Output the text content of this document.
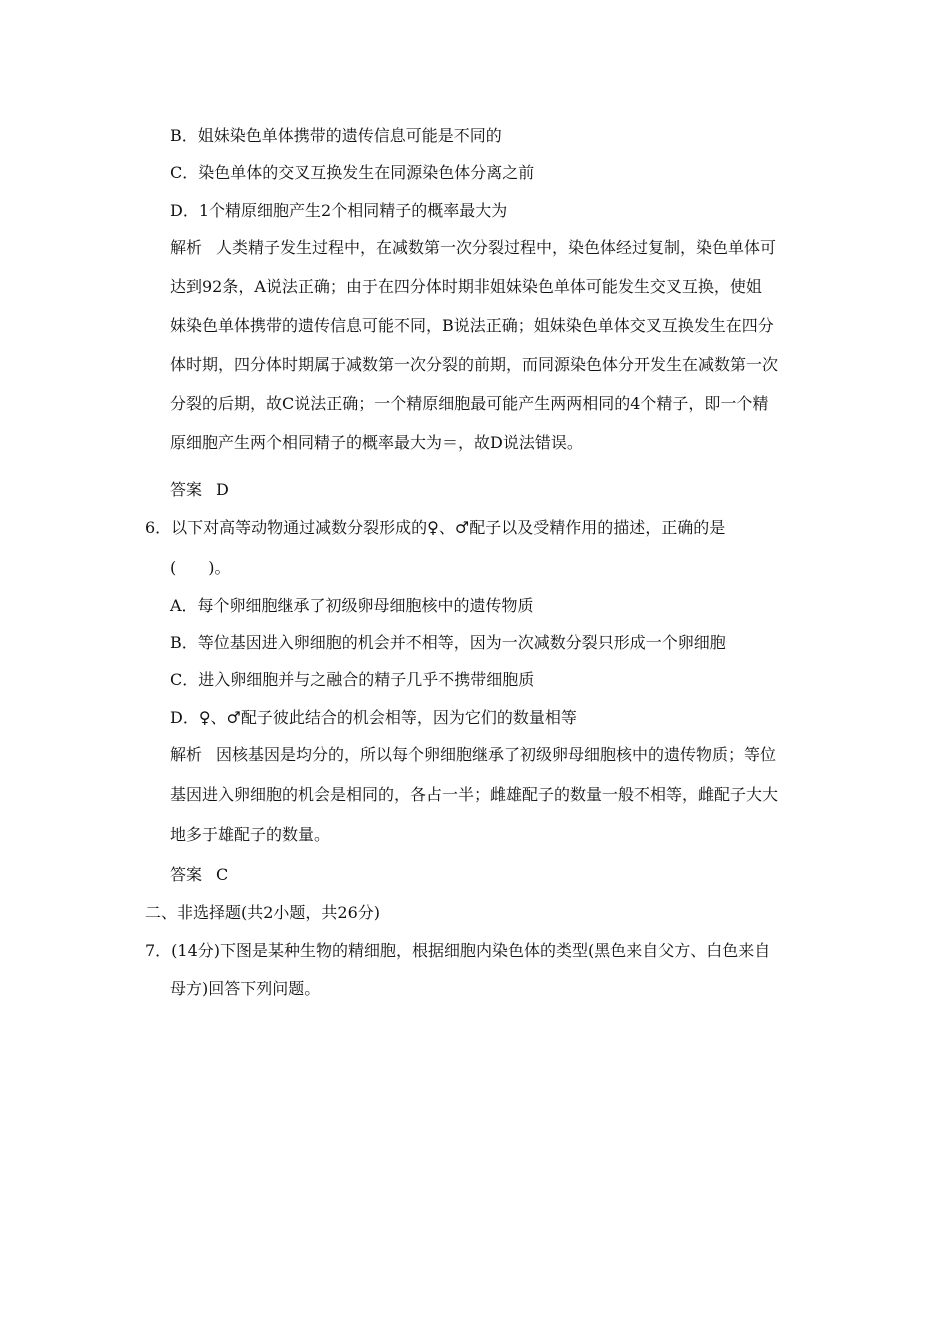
B．姐妹染色单体携带的遗传信息可能是不同的
C．染色单体的交叉互换发生在同源染色体分离之前
D．1个精原细胞产生2个相同精子的概率最大为
解析 人类精子发生过程中，在减数第一次分裂过程中，染色体经过复制，染色单体可
达到92条，A说法正确；由于在四分体时期非姐妹染色单体可能发生交叉互换，使姐
妹染色单体携带的遗传信息可能不同，B说法正确；姐妹染色单体交叉互换发生在四分
体时期，四分体时期属于减数第一次分裂的前期，而同源染色体分开发生在减数第一次
分裂的后期，故C说法正确；一个精原细胞最可能产生两两相同的4个精子，即一个精
原细胞产生两个相同精子的概率最大为＝，故D说法错误。
答案 D
6．以下对高等动物通过减数分裂形成的♀、♂配子以及受精作用的描述，正确的是
(　　)。
A．每个卵细胞继承了初级卵母细胞核中的遗传物质
B．等位基因进入卵细胞的机会并不相等，因为一次减数分裂只形成一个卵细胞
C．进入卵细胞并与之融合的精子几乎不携带细胞质
D．♀、♂配子彼此结合的机会相等，因为它们的数量相等
解析 因核基因是均分的，所以每个卵细胞继承了初级卵母细胞核中的遗传物质；等位
基因进入卵细胞的机会是相同的，各占一半；雌雄配子的数量一般不相等，雌配子大大
地多于雄配子的数量。
答案 C
二、非选择题(共2小题，共26分)
7．(14分)下图是某种生物的精细胞，根据细胞内染色体的类型(黑色来自父方、白色来自
母方)回答下列问题。
